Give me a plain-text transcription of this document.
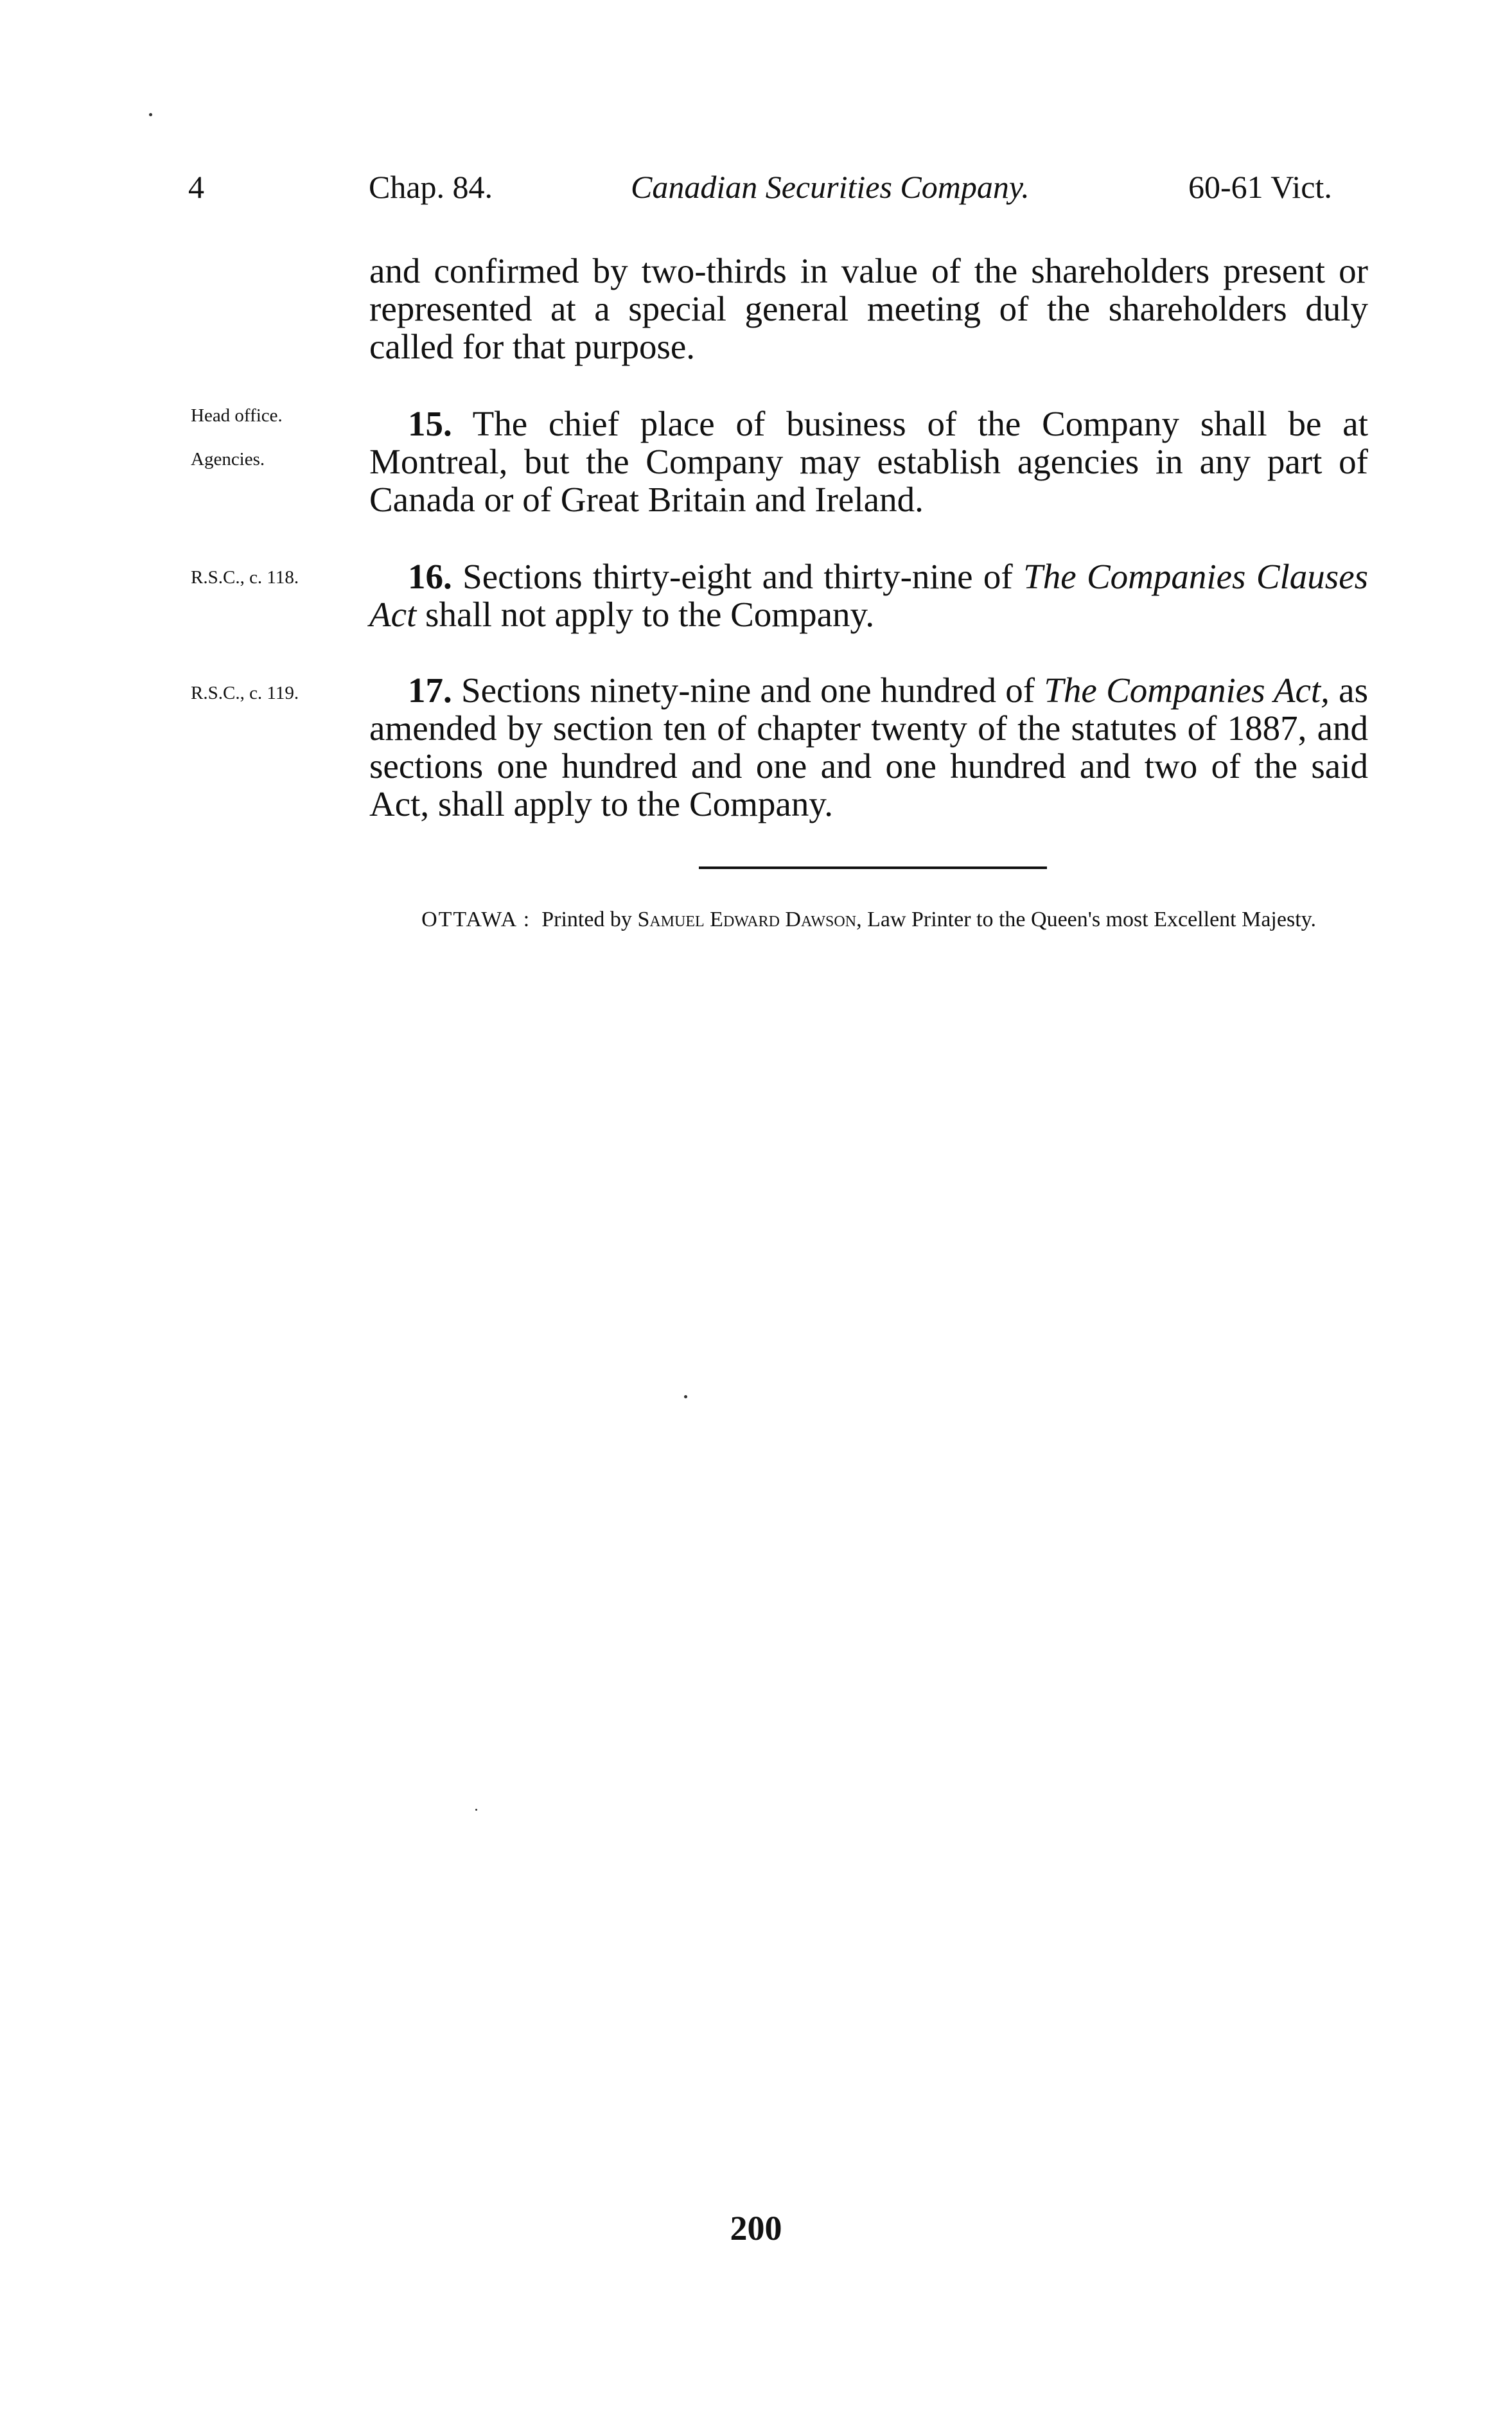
4	Chap. 84.	Canadian Securities Company.	60-61 Vict.

and confirmed by two-thirds in value of the shareholders present or represented at a special general meeting of the shareholders duly called for that purpose.

Head office.
Agencies.

15. The chief place of business of the Company shall be at Montreal, but the Company may establish agencies in any part of Canada or of Great Britain and Ireland.

R.S.C., c. 118.	16. Sections thirty-eight and thirty-nine of The Companies Clauses Act shall not apply to the Company.

R.S.C., c. 119.	17. Sections ninety-nine and one hundred of The Companies Act, as amended by section ten of chapter twenty of the statutes of 1887, and sections one hundred and one and one hundred and two of the said Act, shall apply to the Company.

OTTAWA : Printed by Samuel Edward Dawson, Law Printer to the Queen's most Excellent Majesty.
200
